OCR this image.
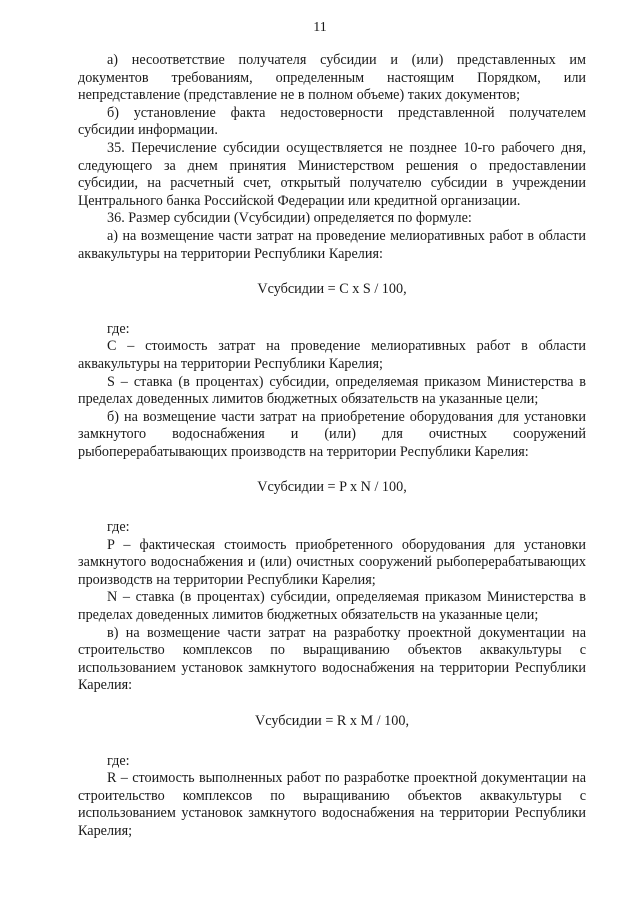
11

а) несоответствие получателя субсидии и (или) представленных им документов требованиям, определенным настоящим Порядком, или непредставление (представление не в полном объеме) таких документов;

б) установление факта недостоверности представленной получателем субсидии информации.

35. Перечисление субсидии осуществляется не позднее 10-го рабочего дня, следующего за днем принятия Министерством решения о предоставлении субсидии, на расчетный счет, открытый получателю субсидии в учреждении Центрального банка Российской Федерации или кредитной организации.

36. Размер субсидии (Vсубсидии) определяется по формуле:

а) на возмещение части затрат на проведение мелиоративных работ в области аквакультуры на территории Республики Карелия:

Vсубсидии = С х S / 100,

где:

С – стоимость затрат на проведение мелиоративных работ в области аквакультуры на территории Республики Карелия;

S – ставка (в процентах) субсидии, определяемая приказом Министерства в пределах доведенных лимитов бюджетных обязательств на указанные цели;

б) на возмещение части затрат на приобретение оборудования для установки замкнутого водоснабжения и (или) для очистных сооружений рыбоперерабатывающих производств на территории Республики Карелия:

Vсубсидии = P х N / 100,

где:

P – фактическая стоимость приобретенного оборудования для установки замкнутого водоснабжения и (или) очистных сооружений рыбоперерабатывающих производств на территории Республики Карелия;

N – ставка (в процентах) субсидии, определяемая приказом Министерства в пределах доведенных лимитов бюджетных обязательств на указанные цели;

в) на возмещение части затрат на разработку проектной документации на строительство комплексов по выращиванию объектов аквакультуры с использованием установок замкнутого водоснабжения на территории Республики Карелия:

Vсубсидии = R х M / 100,

где:

R – стоимость выполненных работ по разработке проектной документации на строительство комплексов по выращиванию объектов аквакультуры с использованием установок замкнутого водоснабжения на территории Республики Карелия;
